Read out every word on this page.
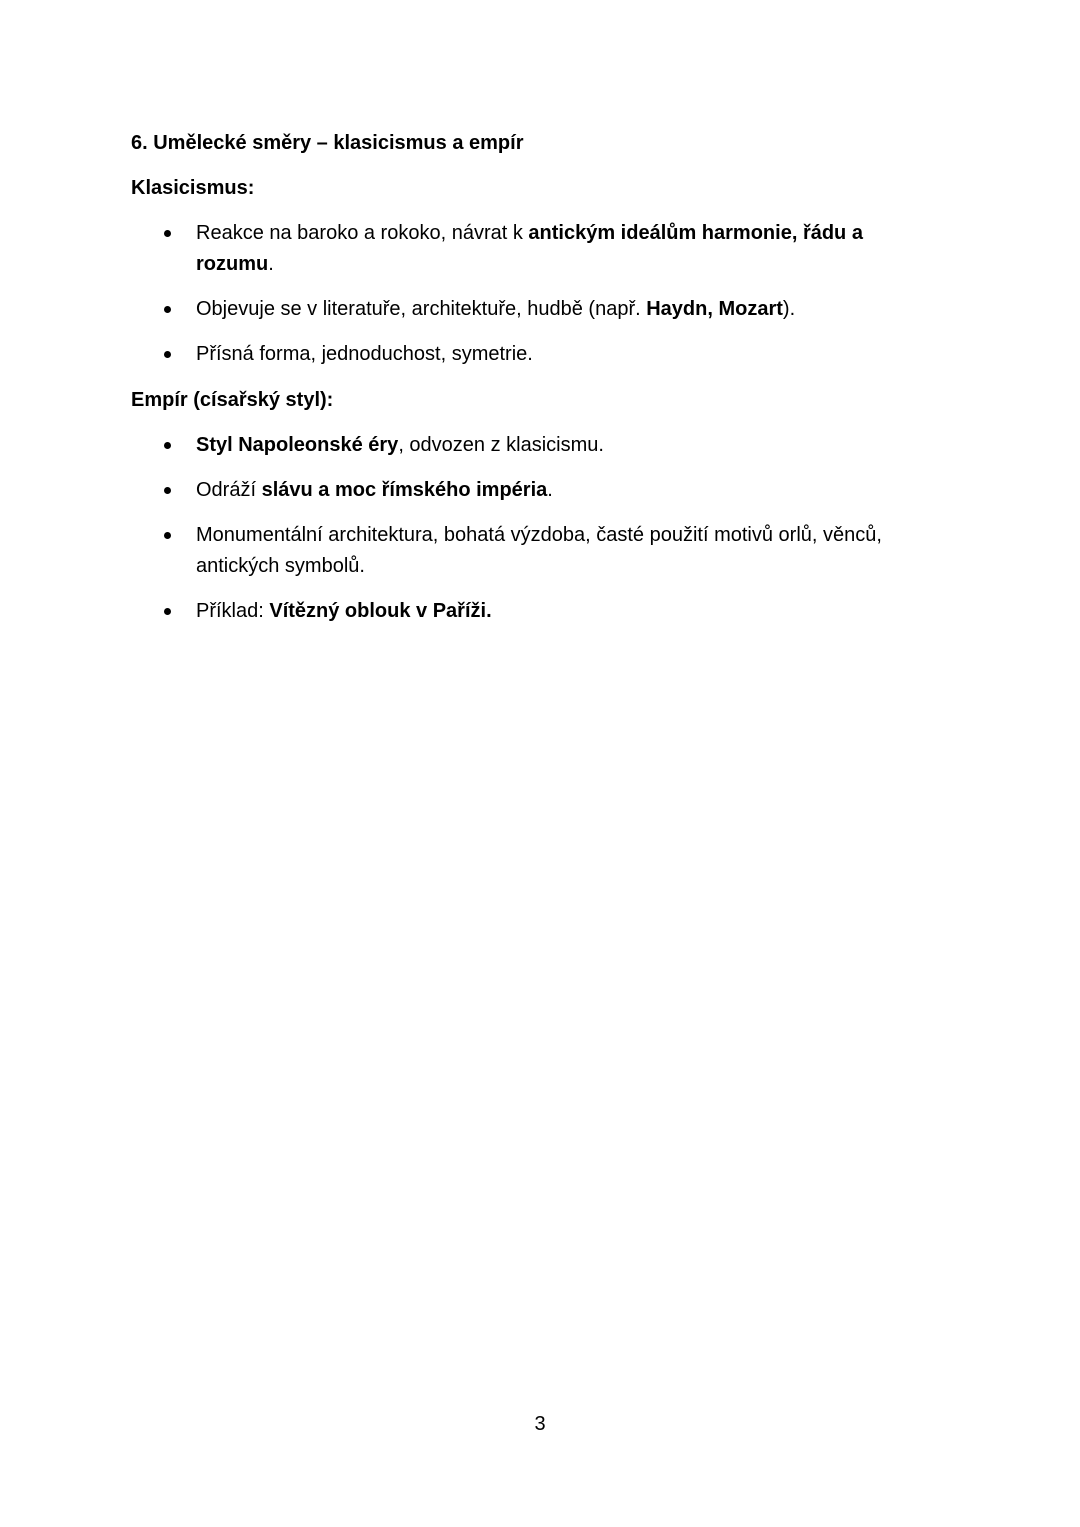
6. Umělecké směry – klasicismus a empír
Klasicismus:
Reakce na baroko a rokoko, návrat k antickým ideálům harmonie, řádu a rozumu.
Objevuje se v literatuře, architektuře, hudbě (např. Haydn, Mozart).
Přísná forma, jednoduchost, symetrie.
Empír (císařský styl):
Styl Napoleonské éry, odvozen z klasicismu.
Odráží slávu a moc římského impéria.
Monumentální architektura, bohatá výzdoba, časté použití motivů orlů, věnců, antických symbolů.
Příklad: Vítězný oblouk v Paříži.
3
